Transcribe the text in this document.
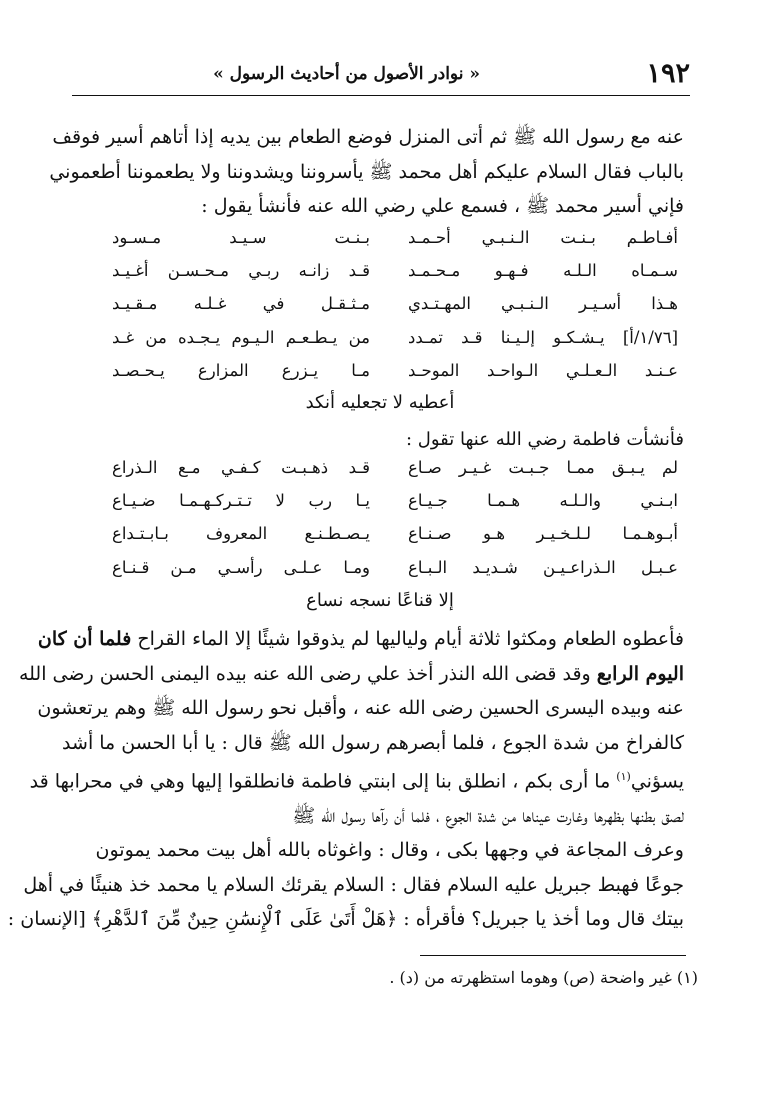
١٩٢
« نوادر الأصول من أحاديث الرسول »
عنه مع رسول الله ﷺ ثم أتى المنزل فوضع الطعام بين يديه إذا أتاهم أسير فوقف
بالباب فقال السلام عليكم أهل محمد ﷺ يأسروننا ويشدوننا ولا يطعموننا أطعموني
فإني أسير محمد ﷺ ، فسمع علي رضي الله عنه فأنشأ يقول :
أفـاطـم بـنـت الـنـبـي أحـمـد
بـنـت سـيـد مـسـود
سـمـاه الـلـه فـهـو مـحـمـد
قـد زانـه ربـي مـحـسـن أغـيـد
هـذا أسـيـر الـنـبـي المهـتـدي
مـثـقـل في غـلـه مـقـيـد
[١/٧٦/أ] يـشـكـو إلـيـنا قـد تمـدد
من يـطـعـم الـيـوم يـجـده من غـد
عـنـد الـعـلـي الـواحـد الموحـد
مـا يـزرع المزارع يـحـصـد
أعطيه لا تجعليه أنكد
فأنشأت فاطمة رضي الله عنها تقول :
لم يـبـق ممـا جـبـت غـيـر صـاع
قـد ذهـبـت كـفـي مـع الـذراع
ابـنـي والـلـه هـمـا جـيـاع
يـا رب لا تـتـركـهـمـا ضـيـاع
أبـوهـمـا لـلـخـيـر هـو صـنـاع
يـصـطـنـع المعروف بـابـتـداع
عـبـل الـذراعـيـن شـديـد الـبـاع
ومـا عـلـى رأسـي مـن قـنـاع
إلا قناعًا نسجه نساع
فأعطوه الطعام ومكثوا ثلاثة أيام ولياليها لم يذوقوا شيئًا إلا الماء القراح فلما أن كان
اليوم الرابع وقد قضى الله النذر أخذ علي رضى الله عنه بيده اليمنى الحسن رضى الله
عنه وبيده اليسرى الحسين رضى الله عنه ، وأقبل نحو رسول الله ﷺ وهم يرتعشون
كالفراخ من شدة الجوع ، فلما أبصرهم رسول الله ﷺ قال : يا أبا الحسن ما أشد
يسؤني$^{(١)}$ ما أرى بكم ، انطلق بنا إلى ابنتي فاطمة فانطلقوا إليها وهي في محرابها قد
لصق بطنها بظهرها وغارت عيناها من شدة الجوع ، فلما أن رآها رسول الله ﷺ
وعرف المجاعة في وجهها بكى ، وقال : واغوثاه بالله أهل بيت محمد يموتون
جوعًا فهبط جبريل عليه السلام فقال : السلام يقرئك السلام يا محمد خذ هنيئًا في أهل
بيتك قال وما أخذ يا جبريل؟ فأقرأه : ﴿هَلْ أَتَىٰ عَلَى ٱلْإِنسَٰنِ حِينٌ مِّنَ ٱلدَّهْرِ﴾ [الإنسان :
(١) غير واضحة (ص) وهوما استظهرته من (د) .
